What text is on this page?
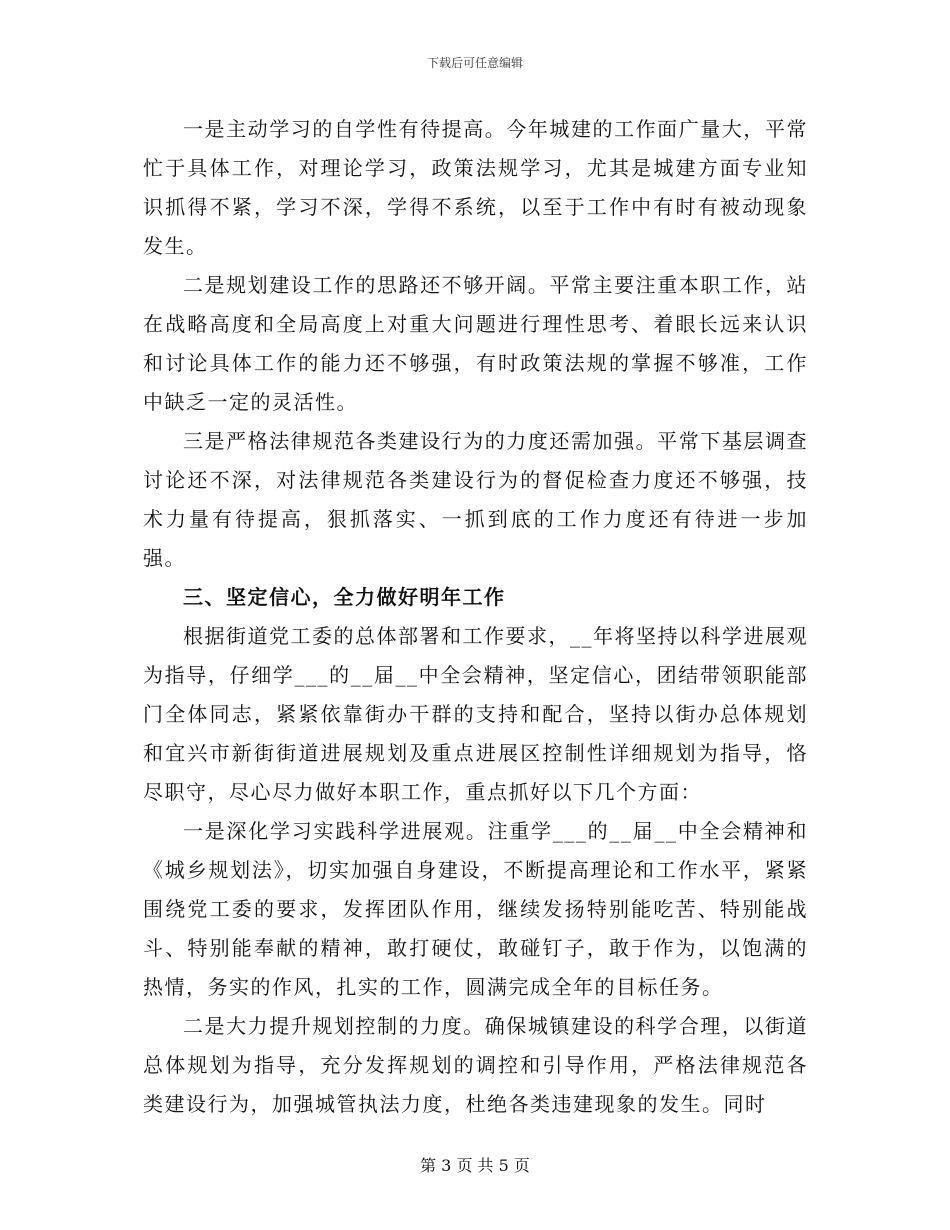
下载后可任意编辑

一是主动学习的自学性有待提高。今年城建的工作面广量大，平常忙于具体工作，对理论学习，政策法规学习，尤其是城建方面专业知识抓得不紧，学习不深，学得不系统，以至于工作中有时有被动现象发生。

二是规划建设工作的思路还不够开阔。平常主要注重本职工作，站在战略高度和全局高度上对重大问题进行理性思考、着眼长远来认识和讨论具体工作的能力还不够强，有时政策法规的掌握不够准，工作中缺乏一定的灵活性。

三是严格法律规范各类建设行为的力度还需加强。平常下基层调查讨论还不深，对法律规范各类建设行为的督促检查力度还不够强，技术力量有待提高，狠抓落实、一抓到底的工作力度还有待进一步加强。

三、坚定信心，全力做好明年工作

根据街道党工委的总体部署和工作要求，__年将坚持以科学进展观为指导，仔细学___的__届__中全会精神，坚定信心，团结带领职能部门全体同志，紧紧依靠街办干群的支持和配合，坚持以街办总体规划和宜兴市新街街道进展规划及重点进展区控制性详细规划为指导，恪尽职守，尽心尽力做好本职工作，重点抓好以下几个方面：

一是深化学习实践科学进展观。注重学___的__届__中全会精神和《城乡规划法》，切实加强自身建设，不断提高理论和工作水平，紧紧围绕党工委的要求，发挥团队作用，继续发扬特别能吃苦、特别能战斗、特别能奉献的精神，敢打硬仗，敢碰钉子，敢于作为，以饱满的热情，务实的作风，扎实的工作，圆满完成全年的目标任务。

二是大力提升规划控制的力度。确保城镇建设的科学合理，以街道总体规划为指导，充分发挥规划的调控和引导作用，严格法律规范各类建设行为，加强城管执法力度，杜绝各类违建现象的发生。同时

第 3 页 共 5 页
